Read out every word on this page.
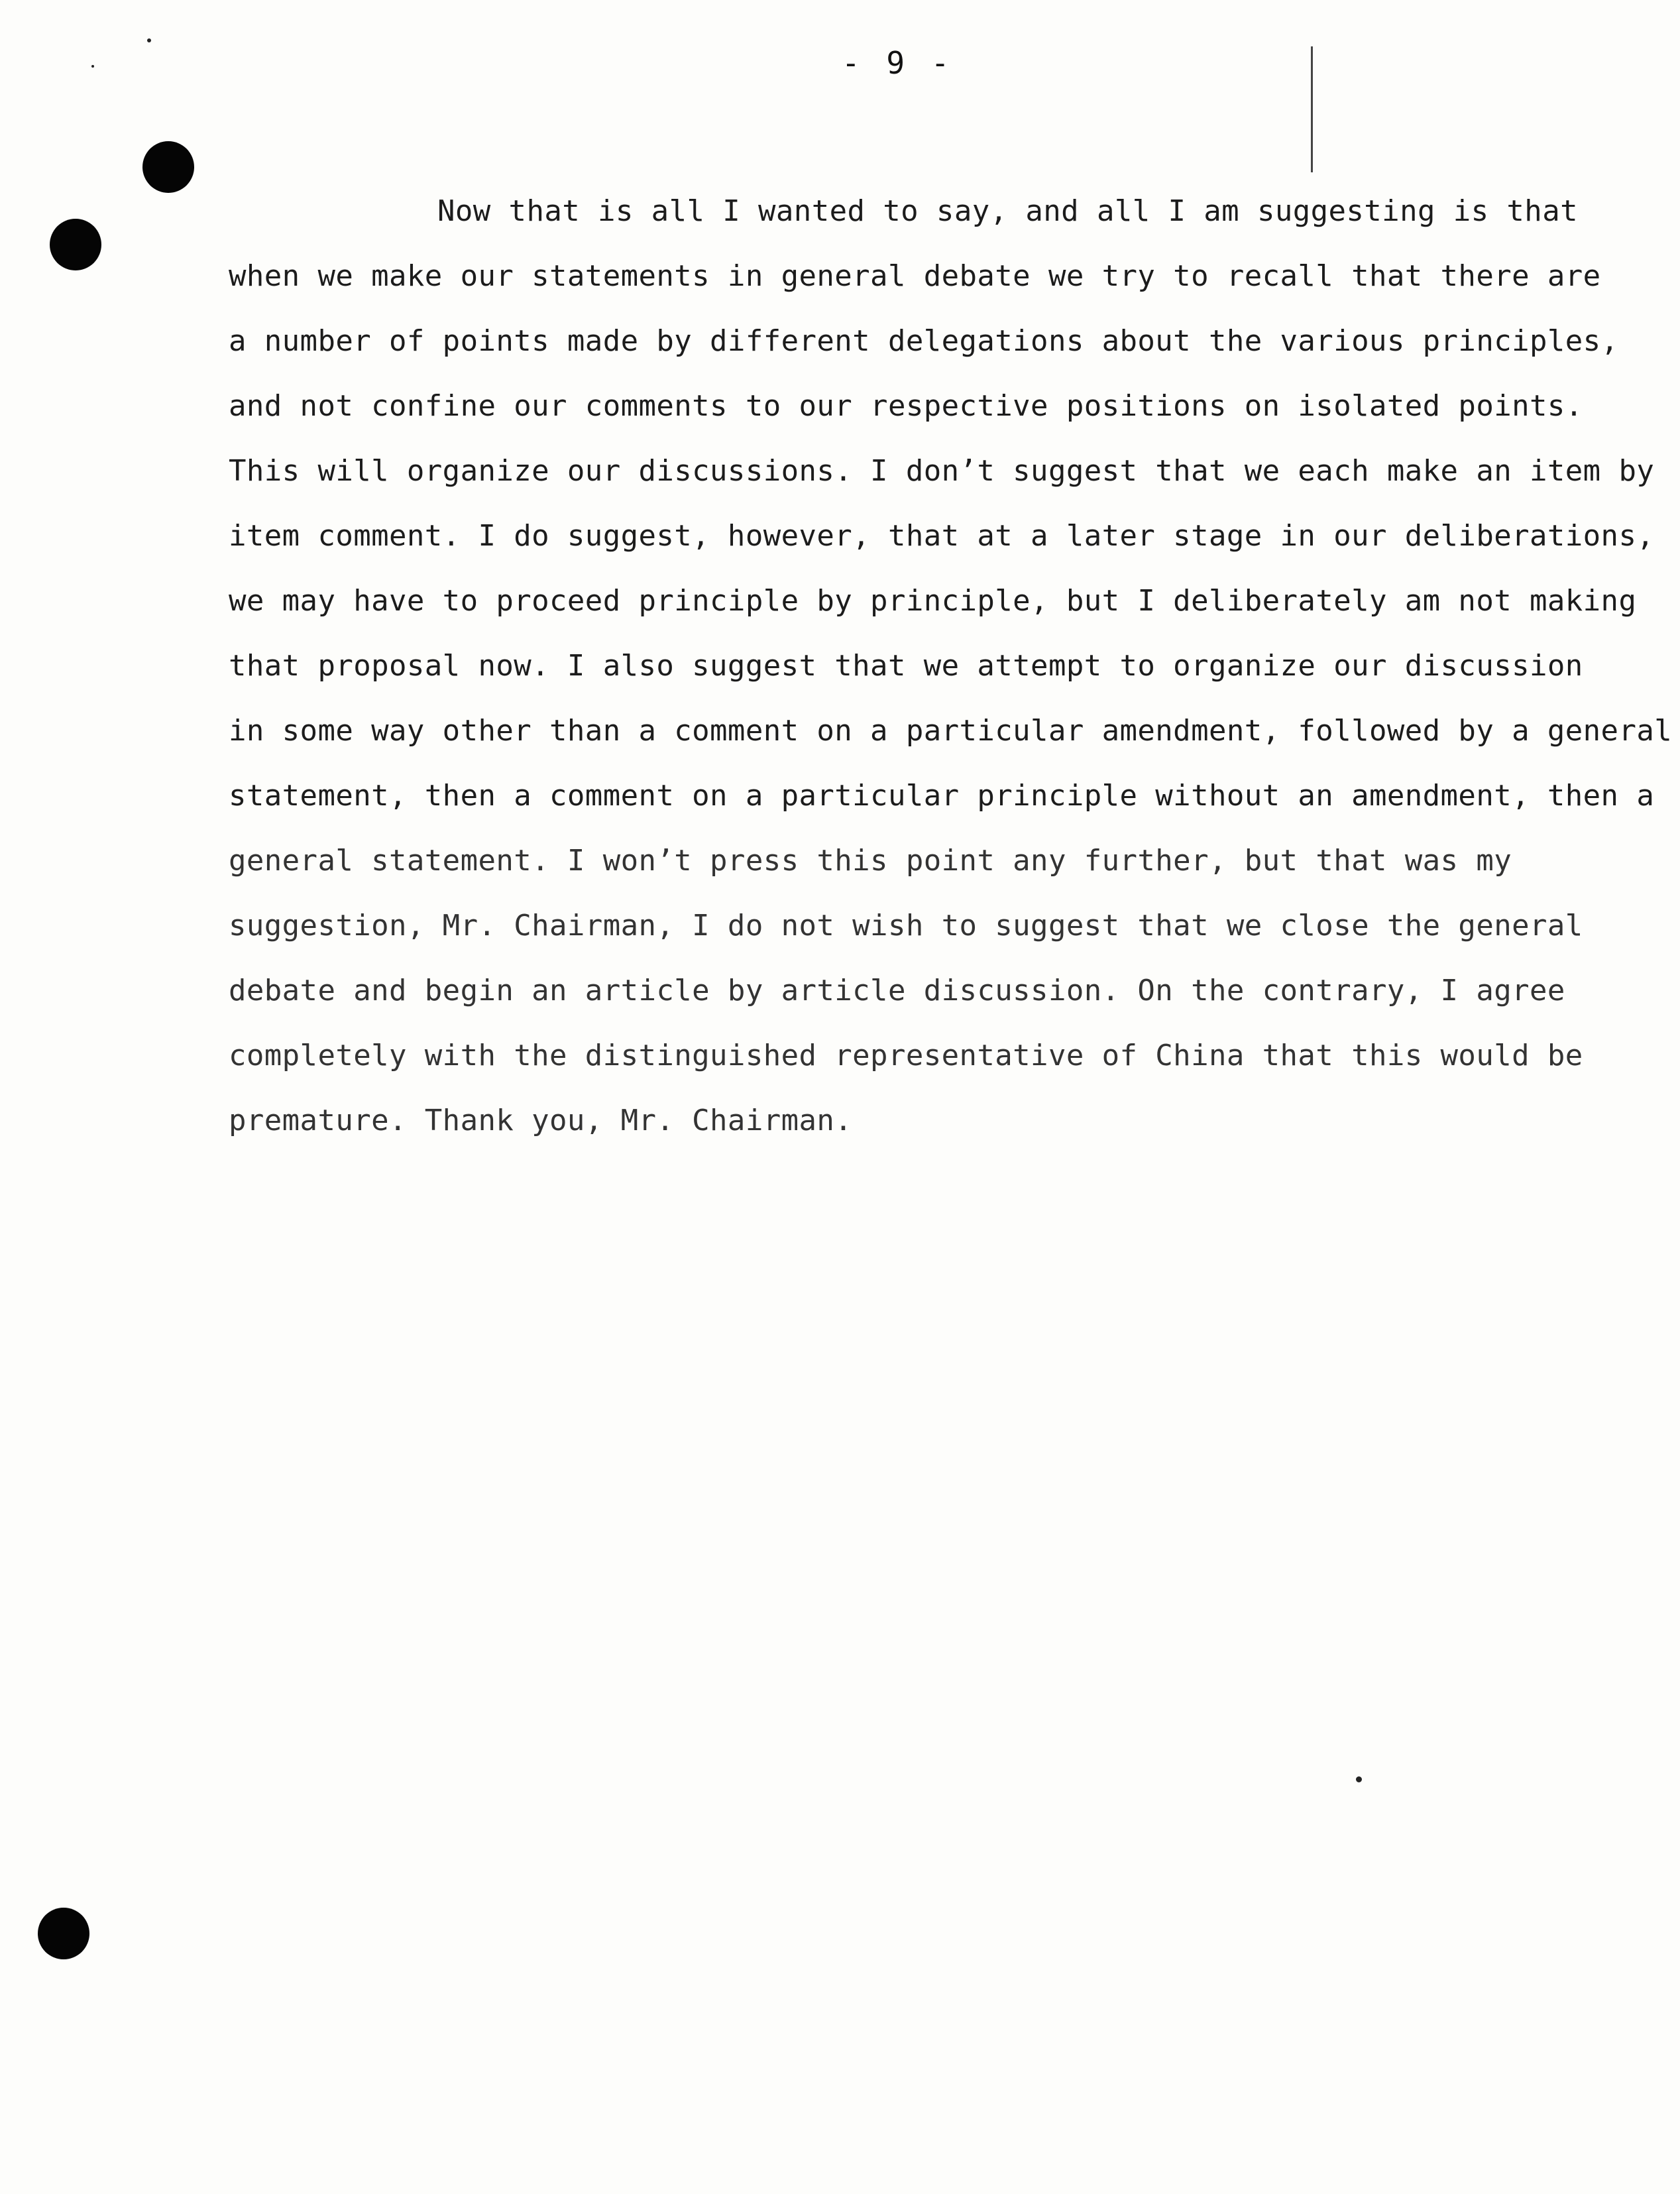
- 9 -
Now that is all I wanted to say, and all I am suggesting is that
when we make our statements in general debate we try to recall that there are
a number of points made by different delegations about the various principles,
and not confine our comments to our respective positions on isolated points.
This will organize our discussions. I don’t suggest that we each make an item by
item comment. I do suggest, however, that at a later stage in our deliberations,
we may have to proceed principle by principle, but I deliberately am not making
that proposal now. I also suggest that we attempt to organize our discussion
in some way other than a comment on a particular amendment, followed by a general
statement, then a comment on a particular principle without an amendment, then a
general statement. I won’t press this point any further, but that was my
suggestion, Mr. Chairman, I do not wish to suggest that we close the general
debate and begin an article by article discussion. On the contrary, I agree
completely with the distinguished representative of China that this would be
premature. Thank you, Mr. Chairman.
